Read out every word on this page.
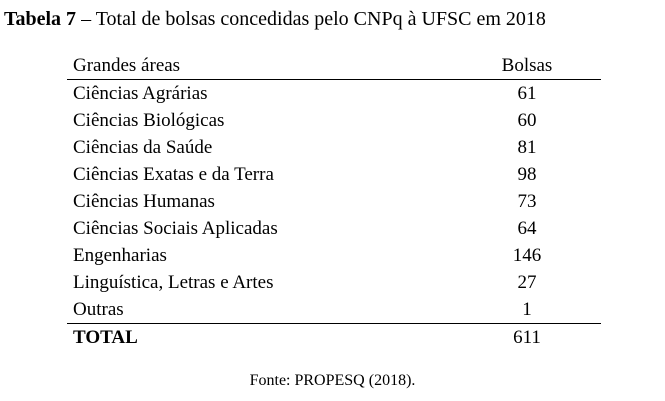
Tabela 7 – Total de bolsas concedidas pelo CNPq à UFSC em 2018
Grandes áreas	Bolsas
Ciências Agrárias	61
Ciências Biológicas	60
Ciências da Saúde	81
Ciências Exatas e da Terra	98
Ciências Humanas	73
Ciências Sociais Aplicadas	64
Engenharias	146
Linguística, Letras e Artes	27
Outras	1
TOTAL	611
Fonte: PROPESQ (2018).
